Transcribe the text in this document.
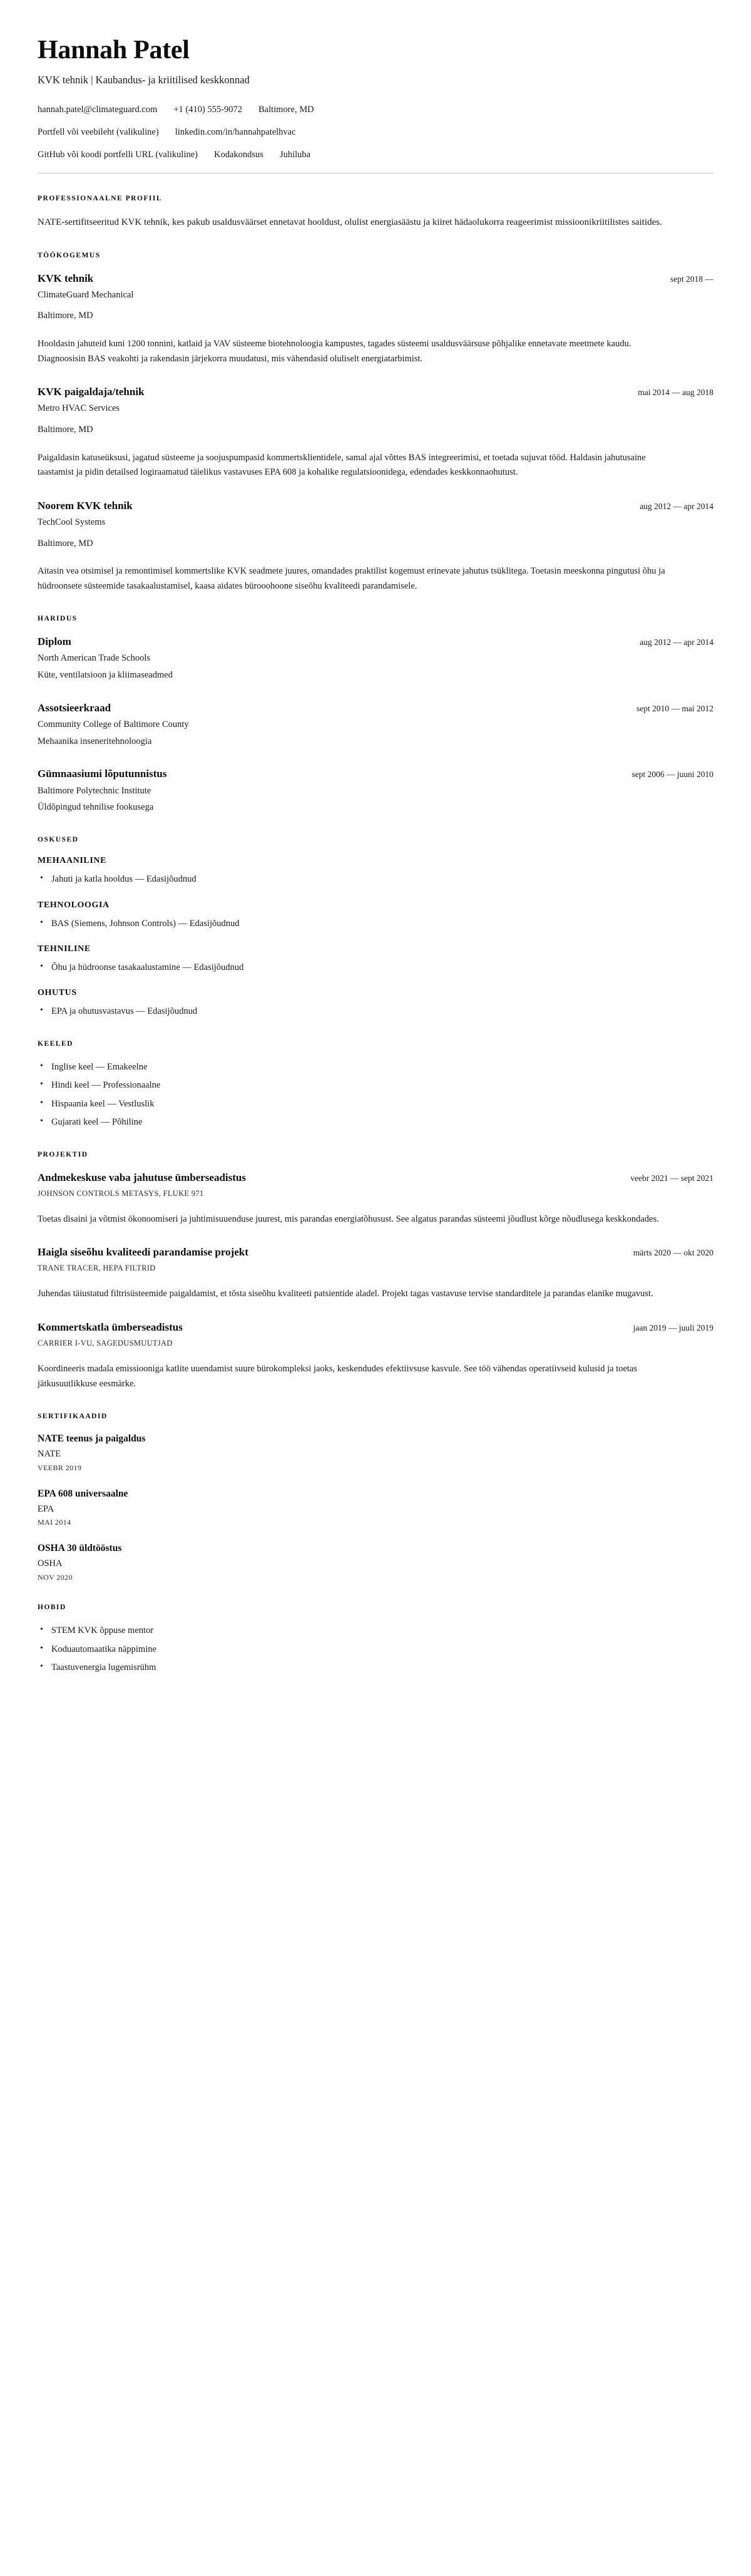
Hannah Patel
KVK tehnik | Kaubandus- ja kriitilised keskkonnad
hannah.patel@climateguard.com +1 (410) 555-9072 Baltimore, MD
Portfell või veebileht (valikuline) linkedin.com/in/hannahpatelhvac
GitHub või koodi portfelli URL (valikuline) Kodakondsus Juhiluba
PROFESSIONAALNE PROFIIL

NATE-sertifitseeritud KVK tehnik, kes pakub usaldusväärset ennetavat hooldust, olulist energiasäästu ja kiiret hädaolukorra reageerimist missioonikriitilistes saitides.

TÖÖKOGEMUS
KVK tehnik	sept 2018 —
ClimateGuard Mechanical
Baltimore, MD
Hooldasin jahuteid kuni 1200 tonnini, katlaid ja VAV süsteeme biotehnoloogia kampustes, tagades süsteemi usaldusväärsuse põhjalike ennetavate meetmete kaudu. Diagnoosisin BAS veakohti ja rakendasin järjekorra muudatusi, mis vähendasid oluliselt energiatarbimist.
KVK paigaldaja/tehnik	mai 2014 — aug 2018
Metro HVAC Services
Baltimore, MD
Paigaldasin katuseüksusi, jagatud süsteeme ja soojuspumpasid kommertsklientidele, samal ajal võttes BAS integreerimisi, et toetada sujuvat tööd. Haldasin jahutusaine taastamist ja pidin detailsed logiraamatud täielikus vastavuses EPA 608 ja kohalike regulatsioonidega, edendades keskkonnaohutust.
Noorem KVK tehnik	aug 2012 — apr 2014
TechCool Systems
Baltimore, MD
Aitasin vea otsimisel ja remontimisel kommertslike KVK seadmete juures, omandades praktilist kogemust erinevate jahutus tsüklitega. Toetasin meeskonna pingutusi õhu ja hüdroonsete süsteemide tasakaalustamisel, kaasa aidates bürooohoone siseõhu kvaliteedi parandamisele.
HARIDUS
Diplom	aug 2012 — apr 2014
North American Trade Schools
Küte, ventilatsioon ja kliimaseadmed
Assotsieerkraad	sept 2010 — mai 2012
Community College of Baltimore County
Mehaanika inseneritehnoloogia
Gümnaasiumi lõputunnistus	sept 2006 — juuni 2010
Baltimore Polytechnic Institute
Üldõpingud tehnilise fookusega
OSKUSED
MEHAANILINE
• Jahuti ja katla hooldus — Edasijõudnud
TEHNOLOOGIA
• BAS (Siemens, Johnson Controls) — Edasijõudnud
TEHNILINE
• Õhu ja hüdroonse tasakaalustamine — Edasijõudnud
OHUTUS
• EPA ja ohutusvastavus — Edasijõudnud
KEELED
• Inglise keel — Emakeelne
• Hindi keel — Professionaalne
• Hispaania keel — Vestluslik
• Gujarati keel — Põhiline
PROJEKTID
Andmekeskuse vaba jahutuse ümberseadistus	veebr 2021 — sept 2021
JOHNSON CONTROLS METASYS, FLUKE 971
Toetas disaini ja võtmist ökonoomiseri ja juhtimisuuenduse juurest, mis parandas energiatõhusust. See algatus parandas süsteemi jõudlust kõrge nõudlusega keskkondades.
Haigla siseõhu kvaliteedi parandamise projekt	märts 2020 — okt 2020
TRANE TRACER, HEPA FILTRID
Juhendas täiustatud filtrisüsteemide paigaldamist, et tõsta siseõhu kvaliteeti patsientide aladel. Projekt tagas vastavuse tervise standarditele ja parandas elanike mugavust.
Kommertskatla ümberseadistus	jaan 2019 — juuli 2019
CARRIER I-VU, SAGEDUSMUUTJAD
Koordineeris madala emissiooniga katlite uuendamist suure bürokompleksi jaoks, keskendudes efektiivsuse kasvule. See töö vähendas operatiivseid kulusid ja toetas jätkusuutlikkuse eesmärke.
SERTIFIKAADID
NATE teenus ja paigaldus
NATE
VEEBR 2019
EPA 608 universaalne
EPA
MAI 2014
OSHA 30 üldtööstus
OSHA
NOV 2020
HOBID
• STEM KVK õppuse mentor
• Koduautomaatika näppimine
• Taastuvenergia lugemisrühm
